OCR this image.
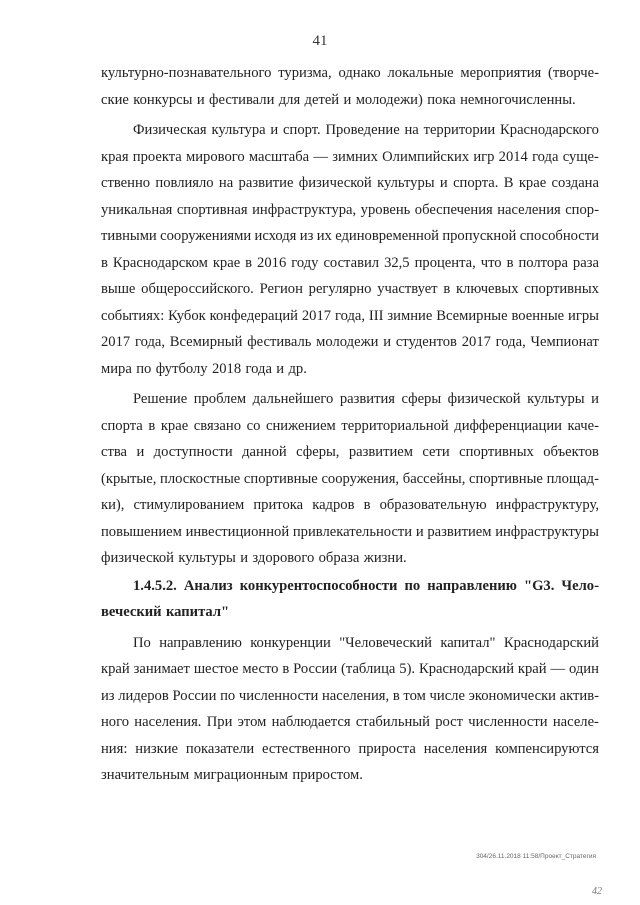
41
культурно-познавательного туризма, однако локальные мероприятия (творче-
ские конкурсы и фестивали для детей и молодежи) пока немногочисленны.
Физическая культура и спорт. Проведение на территории Краснодарского
края проекта мирового масштаба — зимних Олимпийских игр 2014 года суще-
ственно повлияло на развитие физической культуры и спорта. В крае создана
уникальная спортивная инфраструктура, уровень обеспечения населения спор-
тивными сооружениями исходя из их единовременной пропускной способности
в Краснодарском крае в 2016 году составил 32,5 процента, что в полтора раза
выше общероссийского. Регион регулярно участвует в ключевых спортивных
событиях: Кубок конфедераций 2017 года, III зимние Всемирные военные игры
2017 года, Всемирный фестиваль молодежи и студентов 2017 года, Чемпионат
мира по футболу 2018 года и др.
Решение проблем дальнейшего развития сферы физической культуры и
спорта в крае связано со снижением территориальной дифференциации каче-
ства и доступности данной сферы, развитием сети спортивных объектов
(крытые, плоскостные спортивные сооружения, бассейны, спортивные площад-
ки), стимулированием притока кадров в образовательную инфраструктуру,
повышением инвестиционной привлекательности и развитием инфраструктуры
физической культуры и здорового образа жизни.
1.4.5.2. Анализ конкурентоспособности по направлению "G3. Чело-
веческий капитал"
По направлению конкуренции "Человеческий капитал" Краснодарский
край занимает шестое место в России (таблица 5). Краснодарский край — один
из лидеров России по численности населения, в том числе экономически актив-
ного населения. При этом наблюдается стабильный рост численности населе-
ния: низкие показатели естественного прироста населения компенсируются
значительным миграционным приростом.
304/26.11.2018 11:58/Проект_Стратегия
42
